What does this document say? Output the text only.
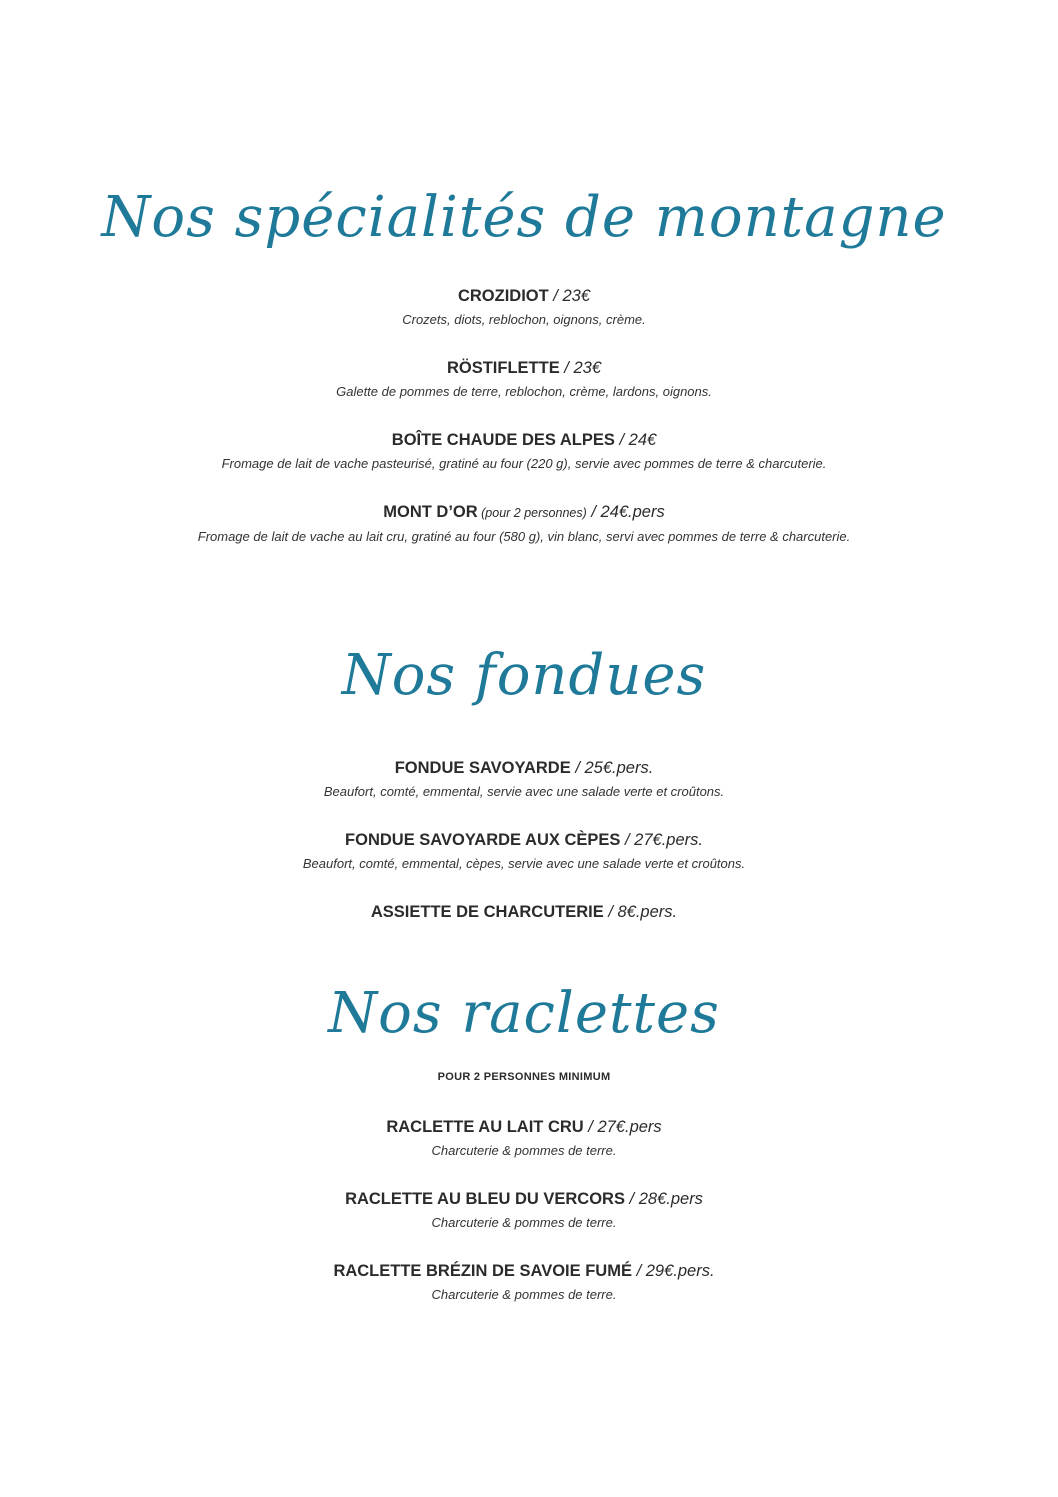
Nos spécialités de montagne
CROZIDIOT / 23€
Crozets, diots, reblochon, oignons, crème.
RÖSTIFLETTE / 23€
Galette de pommes de terre, reblochon, crème, lardons, oignons.
BOÎTE CHAUDE DES ALPES / 24€
Fromage de lait de vache pasteurisé, gratiné au four (220 g), servie avec pommes de terre & charcuterie.
MONT D’OR (pour 2 personnes) / 24€.pers
Fromage de lait de vache au lait cru, gratiné au four (580 g), vin blanc, servi avec pommes de terre & charcuterie.
Nos fondues
FONDUE SAVOYARDE / 25€.pers.
Beaufort, comté, emmental, servie avec une salade verte et croûtons.
FONDUE SAVOYARDE AUX CÈPES / 27€.pers.
Beaufort, comté, emmental, cèpes, servie avec une salade verte et croûtons.
ASSIETTE DE CHARCUTERIE / 8€.pers.
Nos raclettes
POUR 2 PERSONNES MINIMUM
RACLETTE AU LAIT CRU / 27€.pers
Charcuterie & pommes de terre.
RACLETTE AU BLEU DU VERCORS / 28€.pers
Charcuterie & pommes de terre.
RACLETTE BRÉZIN DE SAVOIE FUMÉ / 29€.pers.
Charcuterie & pommes de terre.
